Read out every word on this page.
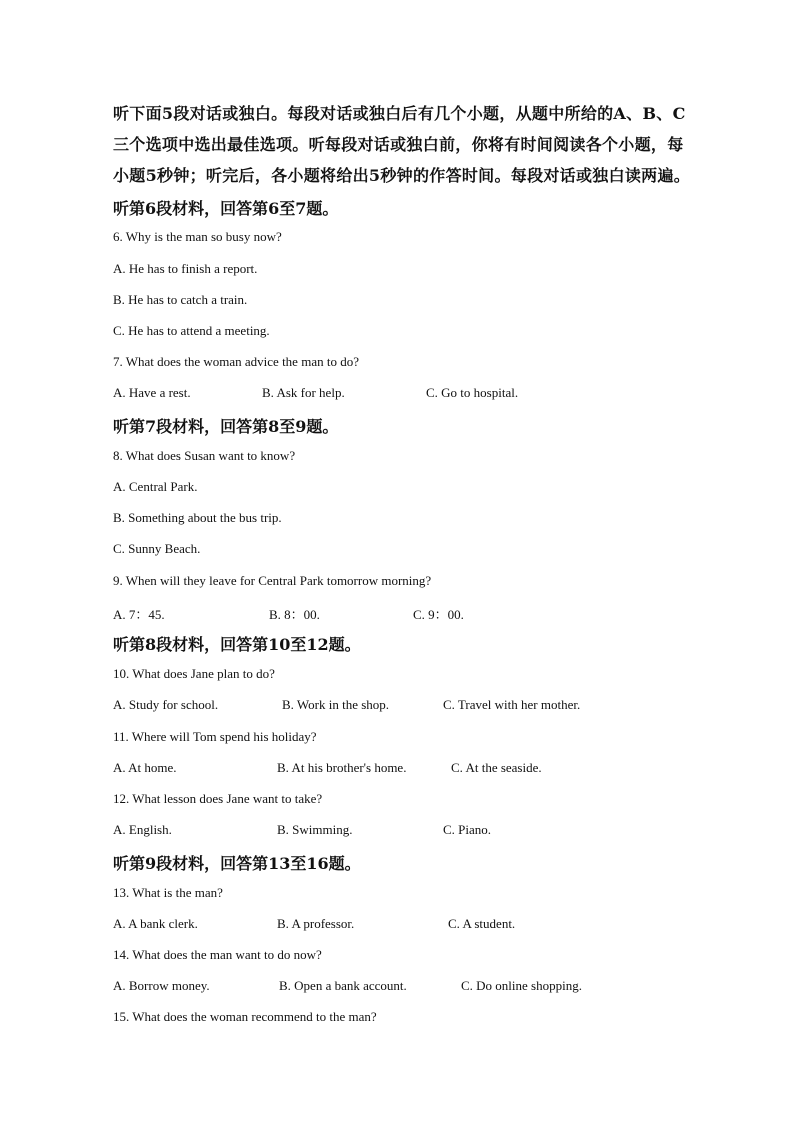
听下面5段对话或独白。每段对话或独白后有几个小题，从题中所给的A、B、C
三个选项中选出最佳选项。听每段对话或独白前，你将有时间阅读各个小题，每
小题5秒钟；听完后，各小题将给出5秒钟的作答时间。每段对话或独白读两遍。
听第6段材料，回答第6至7题。
6. Why is the man so busy now?
A. He has to finish a report.
B. He has to catch a train.
C. He has to attend a meeting.
7. What does the woman advice the man to do?
A. Have a rest.	B. Ask for help.	C. Go to hospital.
听第7段材料，回答第8至9题。
8. What does Susan want to know?
A. Central Park.
B. Something about the bus trip.
C. Sunny Beach.
9. When will they leave for Central Park tomorrow morning?
A. 7：45.	B. 8：00.	C. 9：00.
听第8段材料，回答第10至12题。
10. What does Jane plan to do?
A. Study for school.	B. Work in the shop.	C. Travel with her mother.
11. Where will Tom spend his holiday?
A. At home.	B. At his brother's home.	C. At the seaside.
12. What lesson does Jane want to take?
A. English.	B. Swimming.	C. Piano.
听第9段材料，回答第13至16题。
13. What is the man?
A. A bank clerk.	B. A professor.	C. A student.
14. What does the man want to do now?
A. Borrow money.	B. Open a bank account.	C. Do online shopping.
15. What does the woman recommend to the man?
